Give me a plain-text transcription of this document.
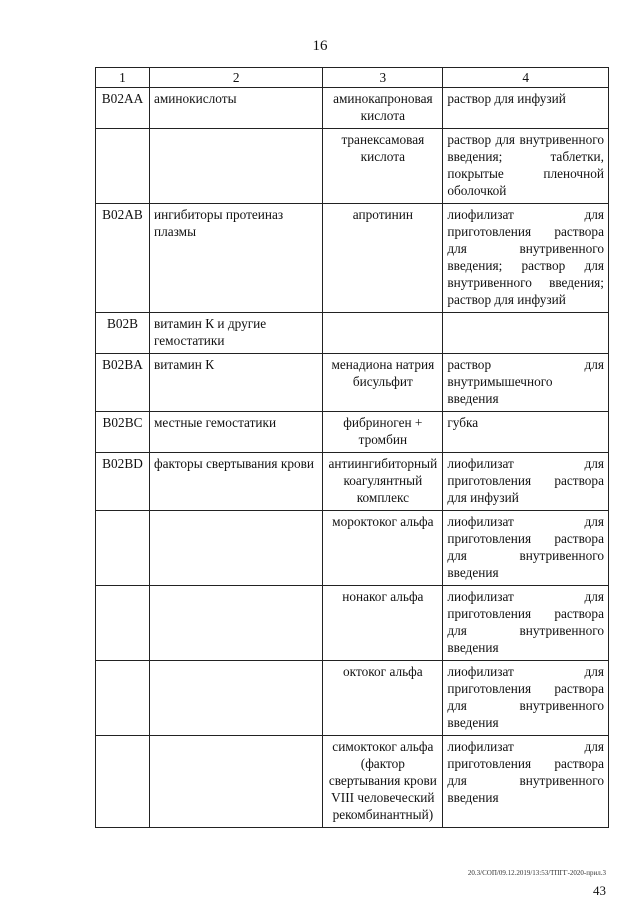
16
1	2	3	4
B02AA	аминокислоты	аминокапроновая кислота	раствор для инфузий
		транексамовая кислота	раствор для внутривенного введения; таблетки, покрытые пленочной оболочкой
B02AB	ингибиторы протеиназ плазмы	апротинин	лиофилизат для приготовления раствора для внутривенного введения; раствор для внутривенного введения; раствор для инфузий
B02B	витамин К и другие гемостатики		
B02BA	витамин К	менадиона натрия бисульфит	раствор для внутримышечного введения
B02BC	местные гемостатики	фибриноген + тромбин	губка
B02BD	факторы свертывания крови	антиингибиторный коагулянтный комплекс	лиофилизат для приготовления раствора для инфузий
		мороктоког альфа	лиофилизат для приготовления раствора для внутривенного введения
		нонаког альфа	лиофилизат для приготовления раствора для внутривенного введения
		октоког альфа	лиофилизат для приготовления раствора для внутривенного введения
		симоктоког альфа (фактор свертывания крови VIII человеческий рекомбинантный)	лиофилизат для приготовления раствора для внутривенного введения
20.3/СОП/09.12.2019/13:53/ТПГГ-2020-прил.3
43
